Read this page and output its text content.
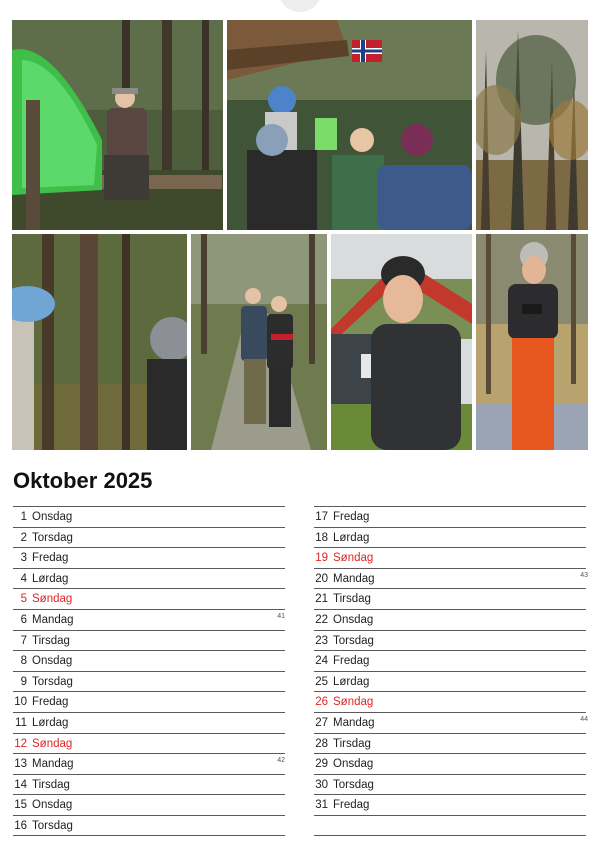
Oktober 2025
1 Onsdag
2 Torsdag
3 Fredag
4 Lørdag
5 Søndag
6 Mandag	41
7 Tirsdag
8 Onsdag
9 Torsdag
10 Fredag
11 Lørdag
12 Søndag
13 Mandag	42
14 Tirsdag
15 Onsdag
16 Torsdag
17 Fredag
18 Lørdag
19 Søndag
20 Mandag	43
21 Tirsdag
22 Onsdag
23 Torsdag
24 Fredag
25 Lørdag
26 Søndag
27 Mandag	44
28 Tirsdag
29 Onsdag
30 Torsdag
31 Fredag
